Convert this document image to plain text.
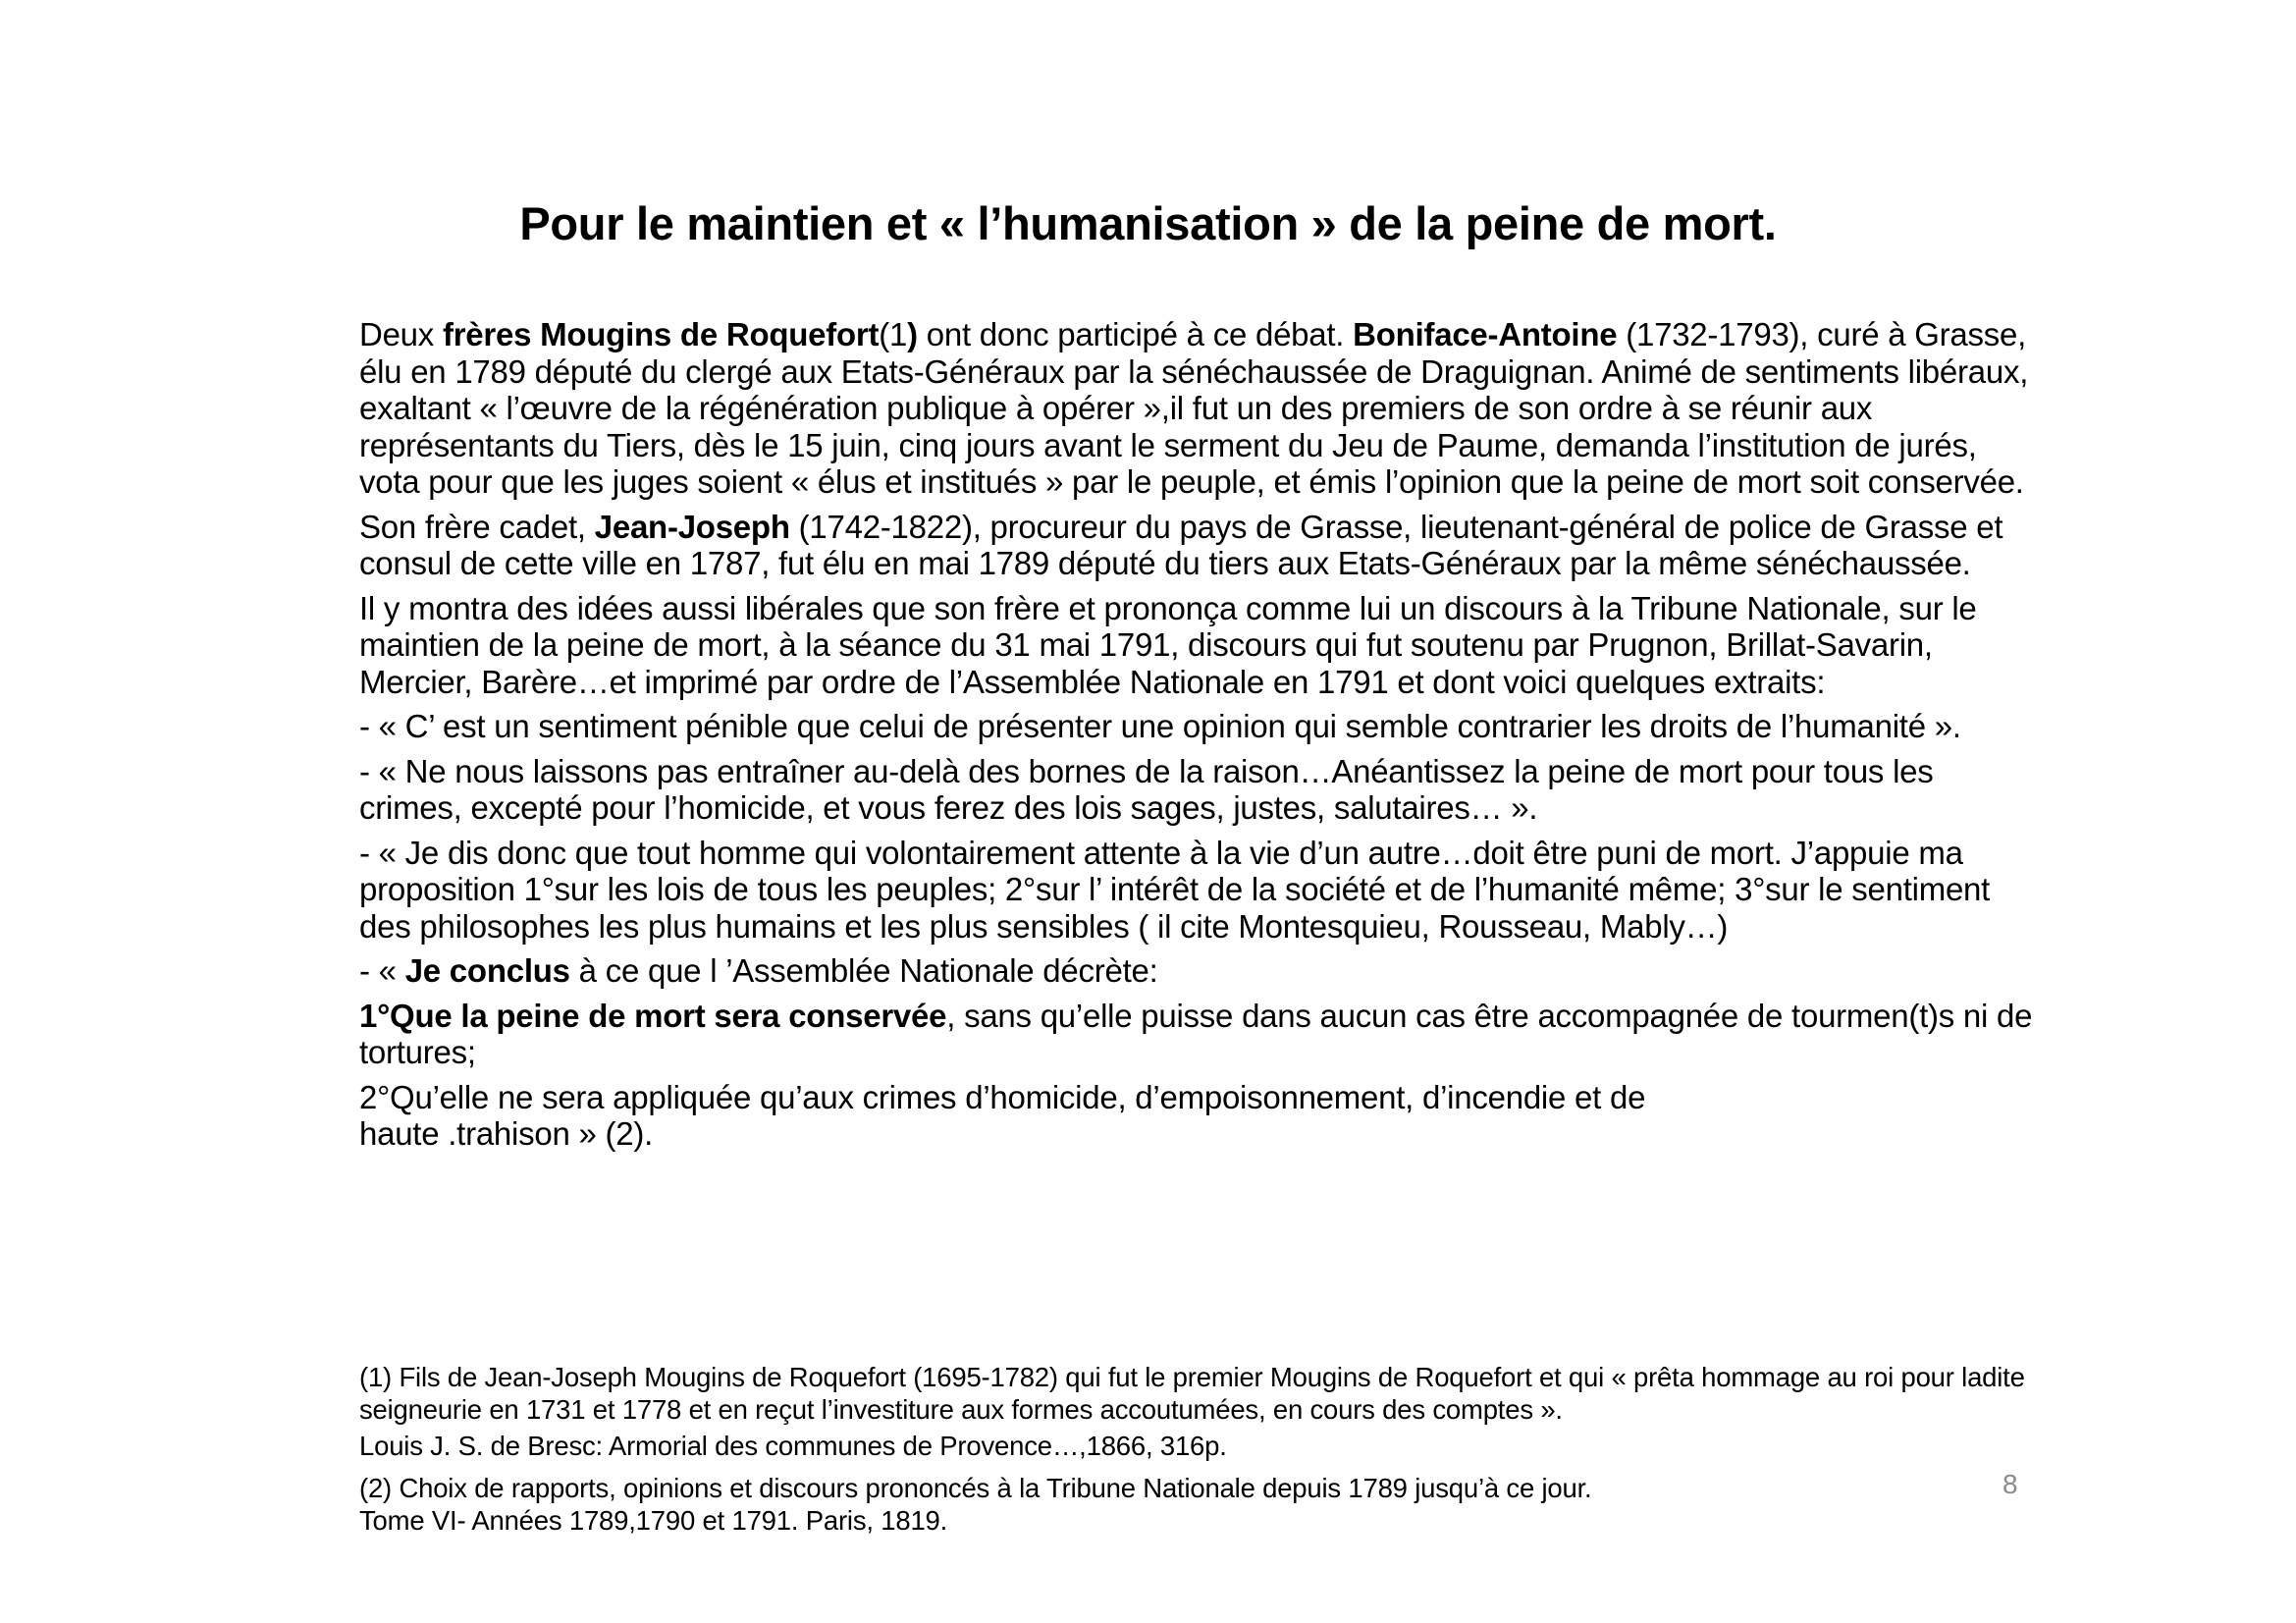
Pour le maintien et « l’humanisation » de la peine de mort.

Deux frères Mougins de Roquefort(1) ont donc participé à ce débat. Boniface-Antoine (1732-1793), curé à Grasse, élu en 1789 député du clergé aux Etats-Généraux par la sénéchaussée de Draguignan. Animé de sentiments libéraux, exaltant « l’œuvre de la régénération publique à opérer »,il fut un des premiers de son ordre à se réunir aux représentants du Tiers, dès le 15 juin, cinq jours avant le serment du Jeu de Paume, demanda l’institution de jurés, vota pour que les juges soient « élus et institués » par le peuple, et émis l’opinion que la peine de mort soit conservée.

Son frère cadet, Jean-Joseph (1742-1822), procureur du pays de Grasse, lieutenant-général de police de Grasse et consul de cette ville en 1787, fut élu en mai 1789 député du tiers aux Etats-Généraux par la même sénéchaussée.

Il y montra des idées aussi libérales que son frère et prononça comme lui un discours à la Tribune Nationale, sur le maintien de la peine de mort, à la séance du 31 mai 1791, discours qui fut soutenu par Prugnon, Brillat-Savarin, Mercier, Barère…et imprimé par ordre de l’Assemblée Nationale en 1791 et dont voici quelques extraits:

- « C’ est un sentiment pénible que celui de présenter une opinion qui semble contrarier les droits de l’humanité ».

- « Ne nous laissons pas entraîner au-delà des bornes de la raison…Anéantissez la peine de mort pour tous les crimes, excepté pour l’homicide, et vous ferez des lois sages, justes, salutaires… ».

- « Je dis donc que tout homme qui volontairement attente à la vie d’un autre…doit être puni de mort. J’appuie ma proposition 1°sur les lois de tous les peuples; 2°sur l’ intérêt de la société et de l’humanité même; 3°sur le sentiment des philosophes les plus humains et les plus sensibles ( il cite Montesquieu, Rousseau, Mably…)

- « Je conclus à ce que l ’Assemblée Nationale décrète:

1°Que la peine de mort sera conservée, sans qu’elle puisse dans aucun cas être accompagnée de tourmen(t)s ni de tortures;

2°Qu’elle ne sera appliquée qu’aux crimes d’homicide, d’empoisonnement, d’incendie et de
haute .trahison » (2).

(1) Fils de Jean-Joseph Mougins de Roquefort (1695-1782) qui fut le premier Mougins de Roquefort et qui « prêta hommage au roi pour ladite seigneurie en 1731 et 1778 et en reçut l’investiture aux formes accoutumées, en cours des comptes ».

Louis J. S. de Bresc: Armorial des communes de Provence…,1866, 316p.

(2) Choix de rapports, opinions et discours prononcés à la Tribune Nationale depuis 1789 jusqu’à ce jour.
Tome VI- Années 1789,1790 et 1791. Paris, 1819.

8
